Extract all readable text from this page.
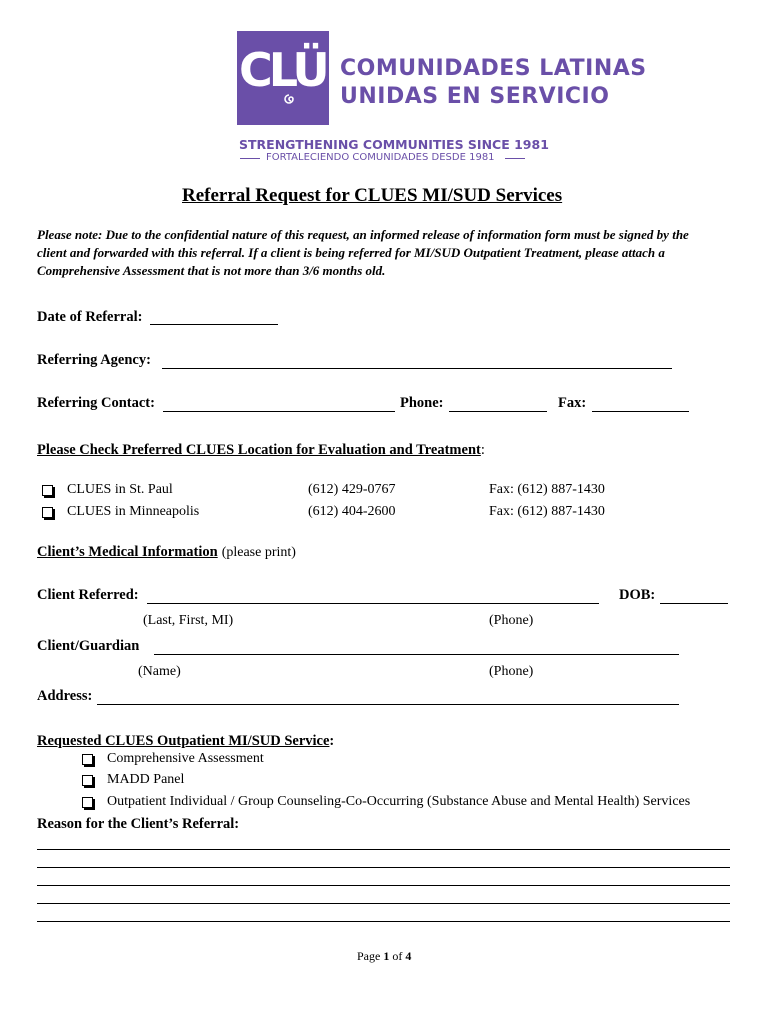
CLÜES
COMUNIDADES LATINAS
UNIDAS EN SERVICIO
STRENGTHENING COMMUNITIES SINCE 1981
FORTALECIENDO COMUNIDADES DESDE 1981
Referral Request for CLUES MI/SUD Services
Please note: Due to the confidential nature of this request, an informed release of information form must be signed by the client and forwarded with this referral. If a client is being referred for MI/SUD Outpatient Treatment, please attach a Comprehensive Assessment that is not more than 3/6 months old.
Date of Referral:
Referring Agency:
Referring Contact:	Phone:	Fax:
Please Check Preferred CLUES Location for Evaluation and Treatment:
CLUES in St. Paul	(612) 429-0767	Fax: (612) 887-1430
CLUES in Minneapolis	(612) 404-2600	Fax: (612) 887-1430
Client’s Medical Information (please print)
Client Referred:	DOB:
(Last, First, MI)	(Phone)
Client/Guardian
(Name)	(Phone)
Address:
Requested CLUES Outpatient MI/SUD Service:
Comprehensive Assessment
MADD Panel
Outpatient Individual / Group Counseling-Co-Occurring (Substance Abuse and Mental Health) Services
Reason for the Client’s Referral:
Page 1 of 4
